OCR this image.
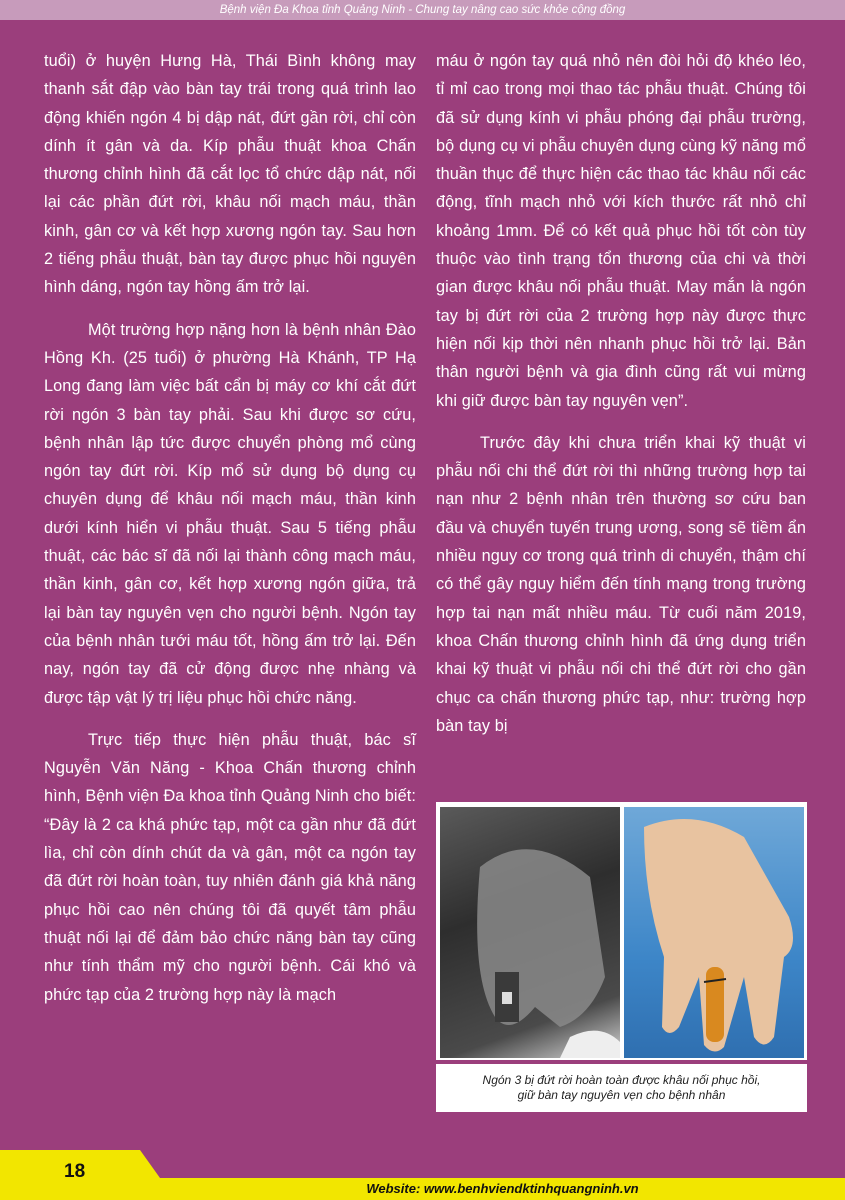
Bệnh viện Đa Khoa tỉnh Quảng Ninh - Chung tay nâng cao sức khỏe cộng đồng

tuổi) ở huyện Hưng Hà, Thái Bình không may thanh sắt đập vào bàn tay trái trong quá trình lao động khiến ngón 4 bị dập nát, đứt gần rời, chỉ còn dính ít gân và da. Kíp phẫu thuật khoa Chấn thương chỉnh hình đã cắt lọc tổ chức dập nát, nối lại các phần đứt rời, khâu nối mạch máu, thần kinh, gân cơ và kết hợp xương ngón tay. Sau hơn 2 tiếng phẫu thuật, bàn tay được phục hồi nguyên hình dáng, ngón tay hồng ấm trở lại.

Một trường hợp nặng hơn là bệnh nhân Đào Hồng Kh. (25 tuổi) ở phường Hà Khánh, TP Hạ Long đang làm việc bất cẩn bị máy cơ khí cắt đứt rời ngón 3 bàn tay phải. Sau khi được sơ cứu, bệnh nhân lập tức được chuyển phòng mổ cùng ngón tay đứt rời. Kíp mổ sử dụng bộ dụng cụ chuyên dụng để khâu nối mạch máu, thần kinh dưới kính hiển vi phẫu thuật. Sau 5 tiếng phẫu thuật, các bác sĩ đã nối lại thành công mạch máu, thần kinh, gân cơ, kết hợp xương ngón giữa, trả lại bàn tay nguyên vẹn cho người bệnh. Ngón tay của bệnh nhân tưới máu tốt, hồng ấm trở lại. Đến nay, ngón tay đã cử động được nhẹ nhàng và được tập vật lý trị liệu phục hồi chức năng.

Trực tiếp thực hiện phẫu thuật, bác sĩ Nguyễn Văn Năng - Khoa Chấn thương chỉnh hình, Bệnh viện Đa khoa tỉnh Quảng Ninh cho biết: “Đây là 2 ca khá phức tạp, một ca gần như đã đứt lìa, chỉ còn dính chút da và gân, một ca ngón tay đã đứt rời hoàn toàn, tuy nhiên đánh giá khả năng phục hồi cao nên chúng tôi đã quyết tâm phẫu thuật nối lại để đảm bảo chức năng bàn tay cũng như tính thẩm mỹ cho người bệnh. Cái khó và phức tạp của 2 trường hợp này là mạch

máu ở ngón tay quá nhỏ nên đòi hỏi độ khéo léo, tỉ mỉ cao trong mọi thao tác phẫu thuật. Chúng tôi đã sử dụng kính vi phẫu phóng đại phẫu trường, bộ dụng cụ vi phẫu chuyên dụng cùng kỹ năng mổ thuần thục để thực hiện các thao tác khâu nối các động, tĩnh mạch nhỏ với kích thước rất nhỏ chỉ khoảng 1mm. Để có kết quả phục hồi tốt còn tùy thuộc vào tình trạng tổn thương của chi và thời gian được khâu nối phẫu thuật. May mắn là ngón tay bị đứt rời của 2 trường hợp này được thực hiện nối kịp thời nên nhanh phục hồi trở lại. Bản thân người bệnh và gia đình cũng rất vui mừng khi giữ được bàn tay nguyên vẹn”.

Trước đây khi chưa triển khai kỹ thuật vi phẫu nối chi thể đứt rời thì những trường hợp tai nạn như 2 bệnh nhân trên thường sơ cứu ban đầu và chuyển tuyến trung ương, song sẽ tiềm ẩn nhiều nguy cơ trong quá trình di chuyển, thậm chí có thể gây nguy hiểm đến tính mạng trong trường hợp tai nạn mất nhiều máu. Từ cuối năm 2019, khoa Chấn thương chỉnh hình đã ứng dụng triển khai kỹ thuật vi phẫu nối chi thể đứt rời cho gần chục ca chấn thương phức tạp, như: trường hợp bàn tay bị

Ngón 3 bị đứt rời hoàn toàn được khâu nối phục hồi,
giữ bàn tay nguyên vẹn cho bệnh nhân
18
Website: www.benhviendktinhquangninh.vn
